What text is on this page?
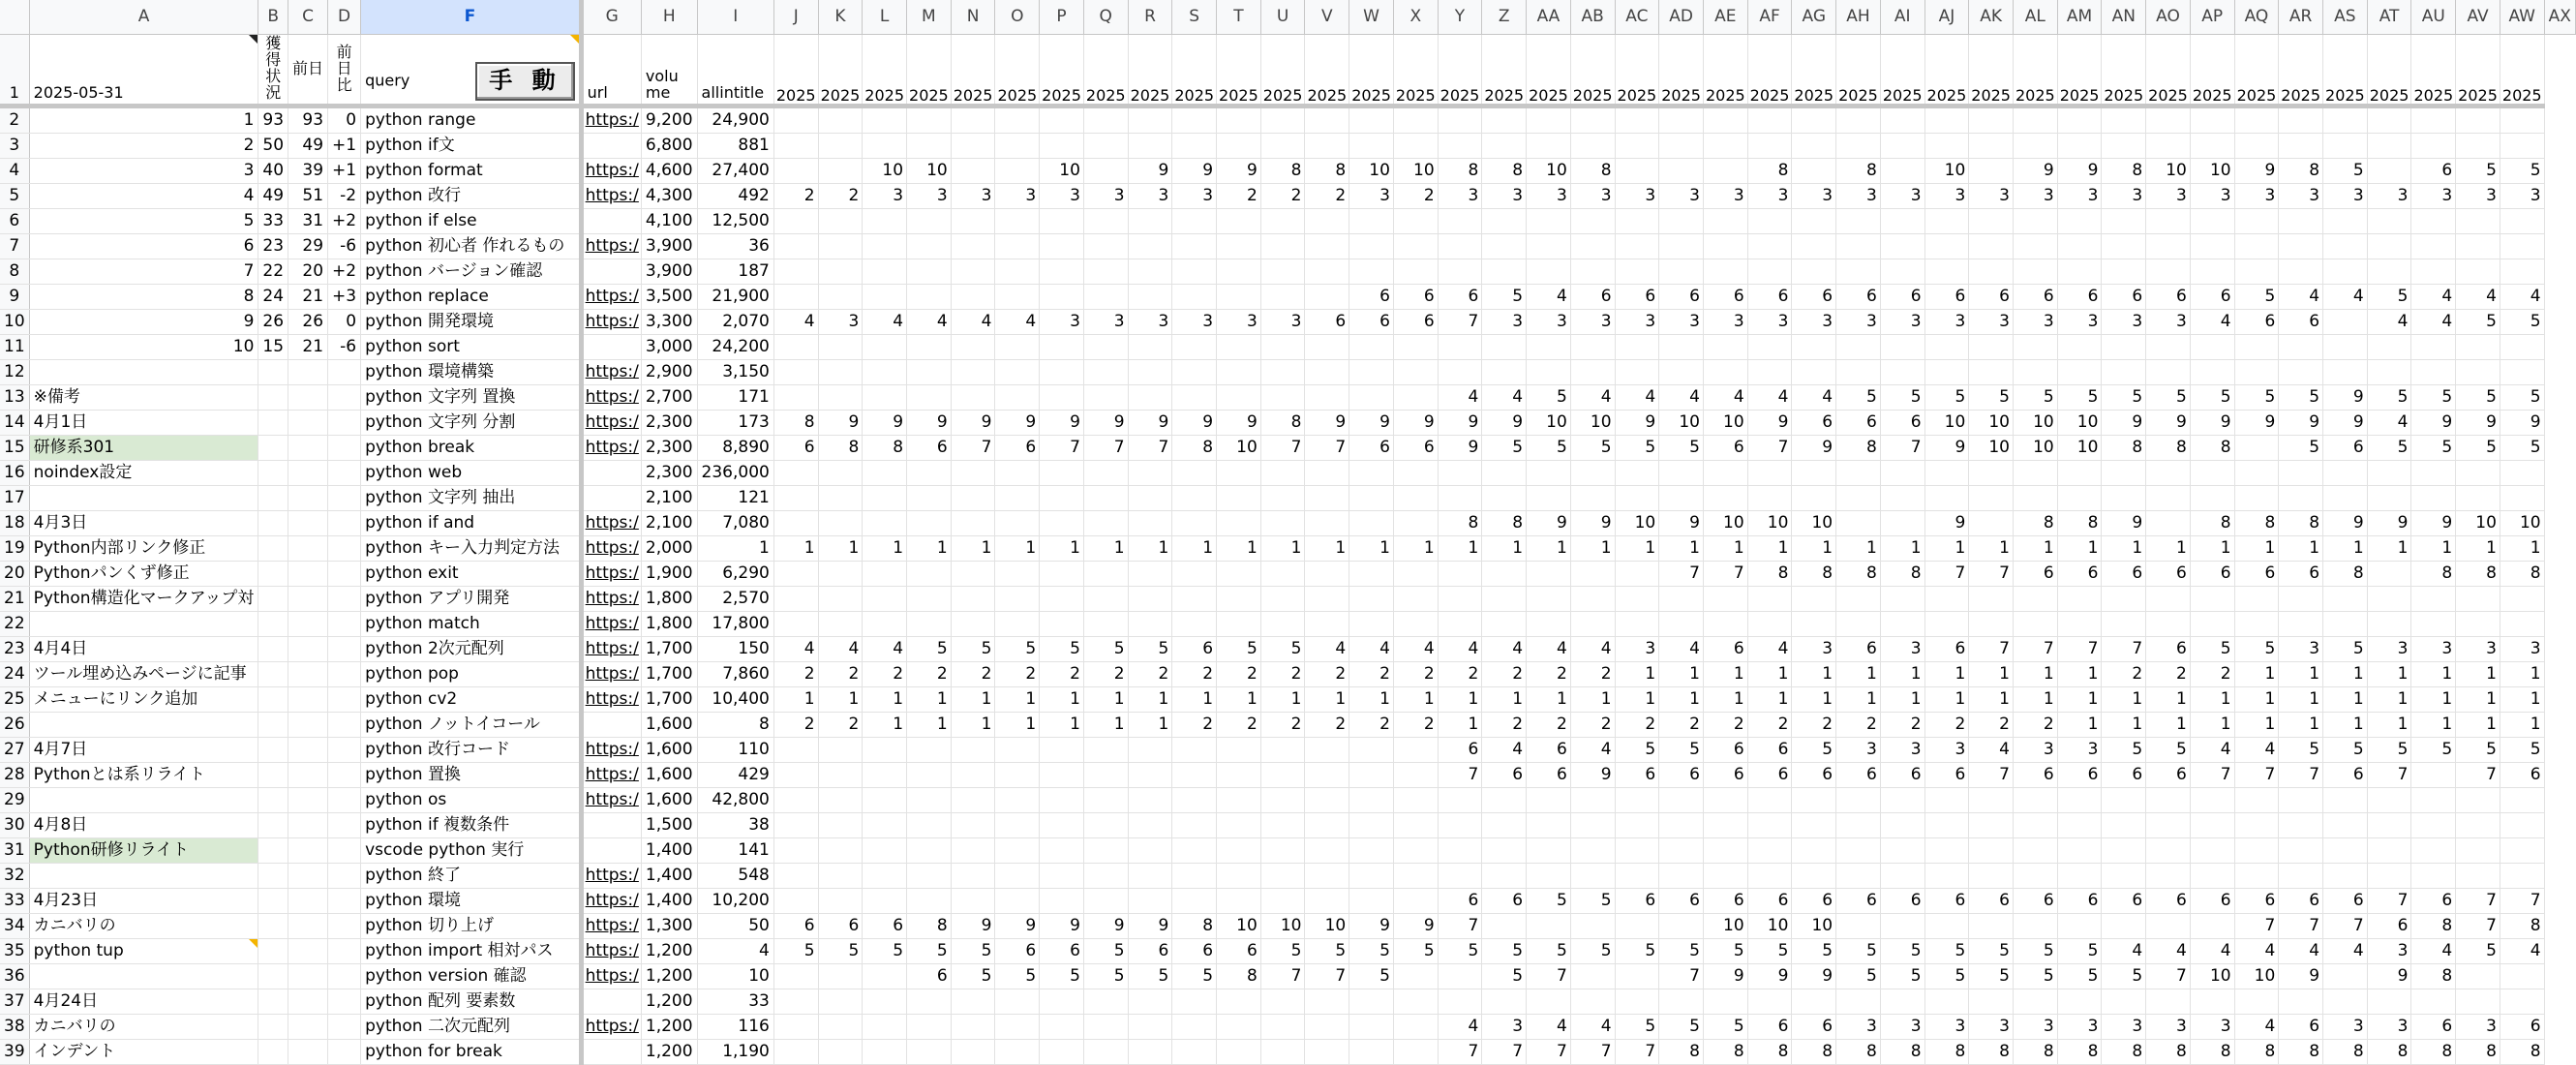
	A	B	C	D	F	G	H	I	J	K	L	M	N	O	P	Q	R	S	T	U	V	W	X	Y	Z	AA	AB	AC	AD	AE	AF	AG	AH	AI	AJ	AK	AL	AM	AN	AO	AP	AQ	AR	AS	AT	AU	AV	AW	AX
1	2025-05-31	獲得状況	前日	前日比	query 手 動	url	volume	allintitle	2025	2025	2025	2025	2025	2025	2025	2025	2025	2025	2025	2025	2025	2025	2025	2025	2025	2025	2025	2025	2025	2025	2025	2025	2025	2025	2025	2025	2025	2025	2025	2025	2025	2025	2025	2025	2025	2025	2025	2025	
2	1	93	93	0	python range	https:/	9,200	24,900																																									
3	2	50	49	+1	python if文		6,800	881																																									
4	3	40	39	+1	python format	https:/	4,600	27,400			10	10			10		9	9	9	8	8	10	10	8	8	10	8				8		8		10		9	9	8	10	10	9	8	5		6	5	5	
5	4	49	51	-2	python 改行	https:/	4,300	492	2	2	3	3	3	3	3	3	3	3	2	2	2	3	2	3	3	3	3	3	3	3	3	3	3	3	3	3	3	3	3	3	3	3	3	3	3	3	3	3	
6	5	33	31	+2	python if else		4,100	12,500																																									
7	6	23	29	-6	python 初心者 作れるもの	https:/	3,900	36																																									
8	7	22	20	+2	python バージョン確認		3,900	187																																									
9	8	24	21	+3	python replace	https:/	3,500	21,900														6	6	6	5	4	6	6	6	6	6	6	6	6	6	6	6	6	6	6	6	5	4	4	5	4	4	4	
10	9	26	26	0	python 開発環境	https:/	3,300	2,070	4	3	4	4	4	4	3	3	3	3	3	3	6	6	6	7	3	3	3	3	3	3	3	3	3	3	3	3	3	3	3	3	4	6	6		4	4	5	5	
11	10	15	21	-6	python sort		3,000	24,200																																									
12					python 環境構築	https:/	2,900	3,150																																									
13	※備考				python 文字列 置換	https:/	2,700	171																4	4	5	4	4	4	4	4	4	5	5	5	5	5	5	5	5	5	5	5	9	5	5	5	5	
14	4月1日				python 文字列 分割	https:/	2,300	173	8	9	9	9	9	9	9	9	9	9	9	8	9	9	9	9	9	10	10	9	10	10	9	6	6	6	10	10	10	10	9	9	9	9	9	9	4	9	9	9	
15	研修系301				python break	https:/	2,300	8,890	6	8	8	6	7	6	7	7	7	8	10	7	7	6	6	9	5	5	5	5	5	6	7	9	8	7	9	10	10	10	8	8	8		5	6	5	5	5	5	
16	noindex設定				python web		2,300	236,000																																									
17					python 文字列 抽出		2,100	121																																									
18	4月3日				python if and	https:/	2,100	7,080																8	8	9	9	10	9	10	10	10			9		8	8	9		8	8	8	9	9	9	10	10	
19	Python内部リンク修正				python キー入力判定方法	https:/	2,000	1	1	1	1	1	1	1	1	1	1	1	1	1	1	1	1	1	1	1	1	1	1	1	1	1	1	1	1	1	1	1	1	1	1	1	1	1	1	1	1	1	
20	Pythonパンくず修正				python exit	https:/	1,900	6,290																					7	7	8	8	8	8	7	7	6	6	6	6	6	6	6	8		8	8	8	
21	Python構造化マークアップ対				python アプリ開発	https:/	1,800	2,570																																									
22					python match	https:/	1,800	17,800																																									
23	4月4日				python 2次元配列	https:/	1,700	150	4	4	4	5	5	5	5	5	5	6	5	5	4	4	4	4	4	4	4	3	4	6	4	3	6	3	6	7	7	7	7	6	5	5	3	5	3	3	3	3	
24	ツール埋め込みページに記事				python pop	https:/	1,700	7,860	2	2	2	2	2	2	2	2	2	2	2	2	2	2	2	2	2	2	2	1	1	1	1	1	1	1	1	1	1	1	2	2	2	1	1	1	1	1	1	1	
25	メニューにリンク追加				python cv2	https:/	1,700	10,400	1	1	1	1	1	1	1	1	1	1	1	1	1	1	1	1	1	1	1	1	1	1	1	1	1	1	1	1	1	1	1	1	1	1	1	1	1	1	1	1	
26					python ノットイコール		1,600	8	2	2	1	1	1	1	1	1	1	2	2	2	2	2	2	1	2	2	2	2	2	2	2	2	2	2	2	2	2	1	1	1	1	1	1	1	1	1	1	1	
27	4月7日				python 改行コード	https:/	1,600	110																6	4	6	4	5	5	6	6	5	3	3	3	4	3	3	5	5	4	4	5	5	5	5	5	5	
28	Pythonとは系リライト				python 置換	https:/	1,600	429																7	6	6	9	6	6	6	6	6	6	6	6	7	6	6	6	6	7	7	7	6	7		7	6	
29					python os	https:/	1,600	42,800																																									
30	4月8日				python if 複数条件		1,500	38																																									
31	Python研修リライト				vscode python 実行		1,400	141																																									
32					python 終了	https:/	1,400	548																																									
33	4月23日				python 環境	https:/	1,400	10,200																6	6	5	5	6	6	6	6	6	6	6	6	6	6	6	6	6	6	6	6	6	7	6	7	7	
34	カニバリの				python 切り上げ	https:/	1,300	50	6	6	6	8	9	9	9	9	9	8	10	10	10	9	9	7						10	10	10										7	7	7	6	8	7	8	
35	python tup				python import 相対パス	https:/	1,200	4	5	5	5	5	5	6	6	5	6	6	6	5	5	5	5	5	5	5	5	5	5	5	5	5	5	5	5	5	5	5	4	4	4	4	4	4	3	4	5	4	
36					python version 確認	https:/	1,200	10				6	5	5	5	5	5	5	8	7	7	5			5	7			7	9	9	9	5	5	5	5	5	5	5	7	10	10	9		9	8			
37	4月24日				python 配列 要素数		1,200	33																																									
38	カニバリの				python 二次元配列	https:/	1,200	116																4	3	4	4	5	5	5	6	6	3	3	3	3	3	3	3	3	3	4	6	3	3	6	3	6	
39	インデント				python for break		1,200	1,190																7	7	7	7	7	8	8	8	8	8	8	8	8	8	8	8	8	8	8	8	8	8	8	8	8	
